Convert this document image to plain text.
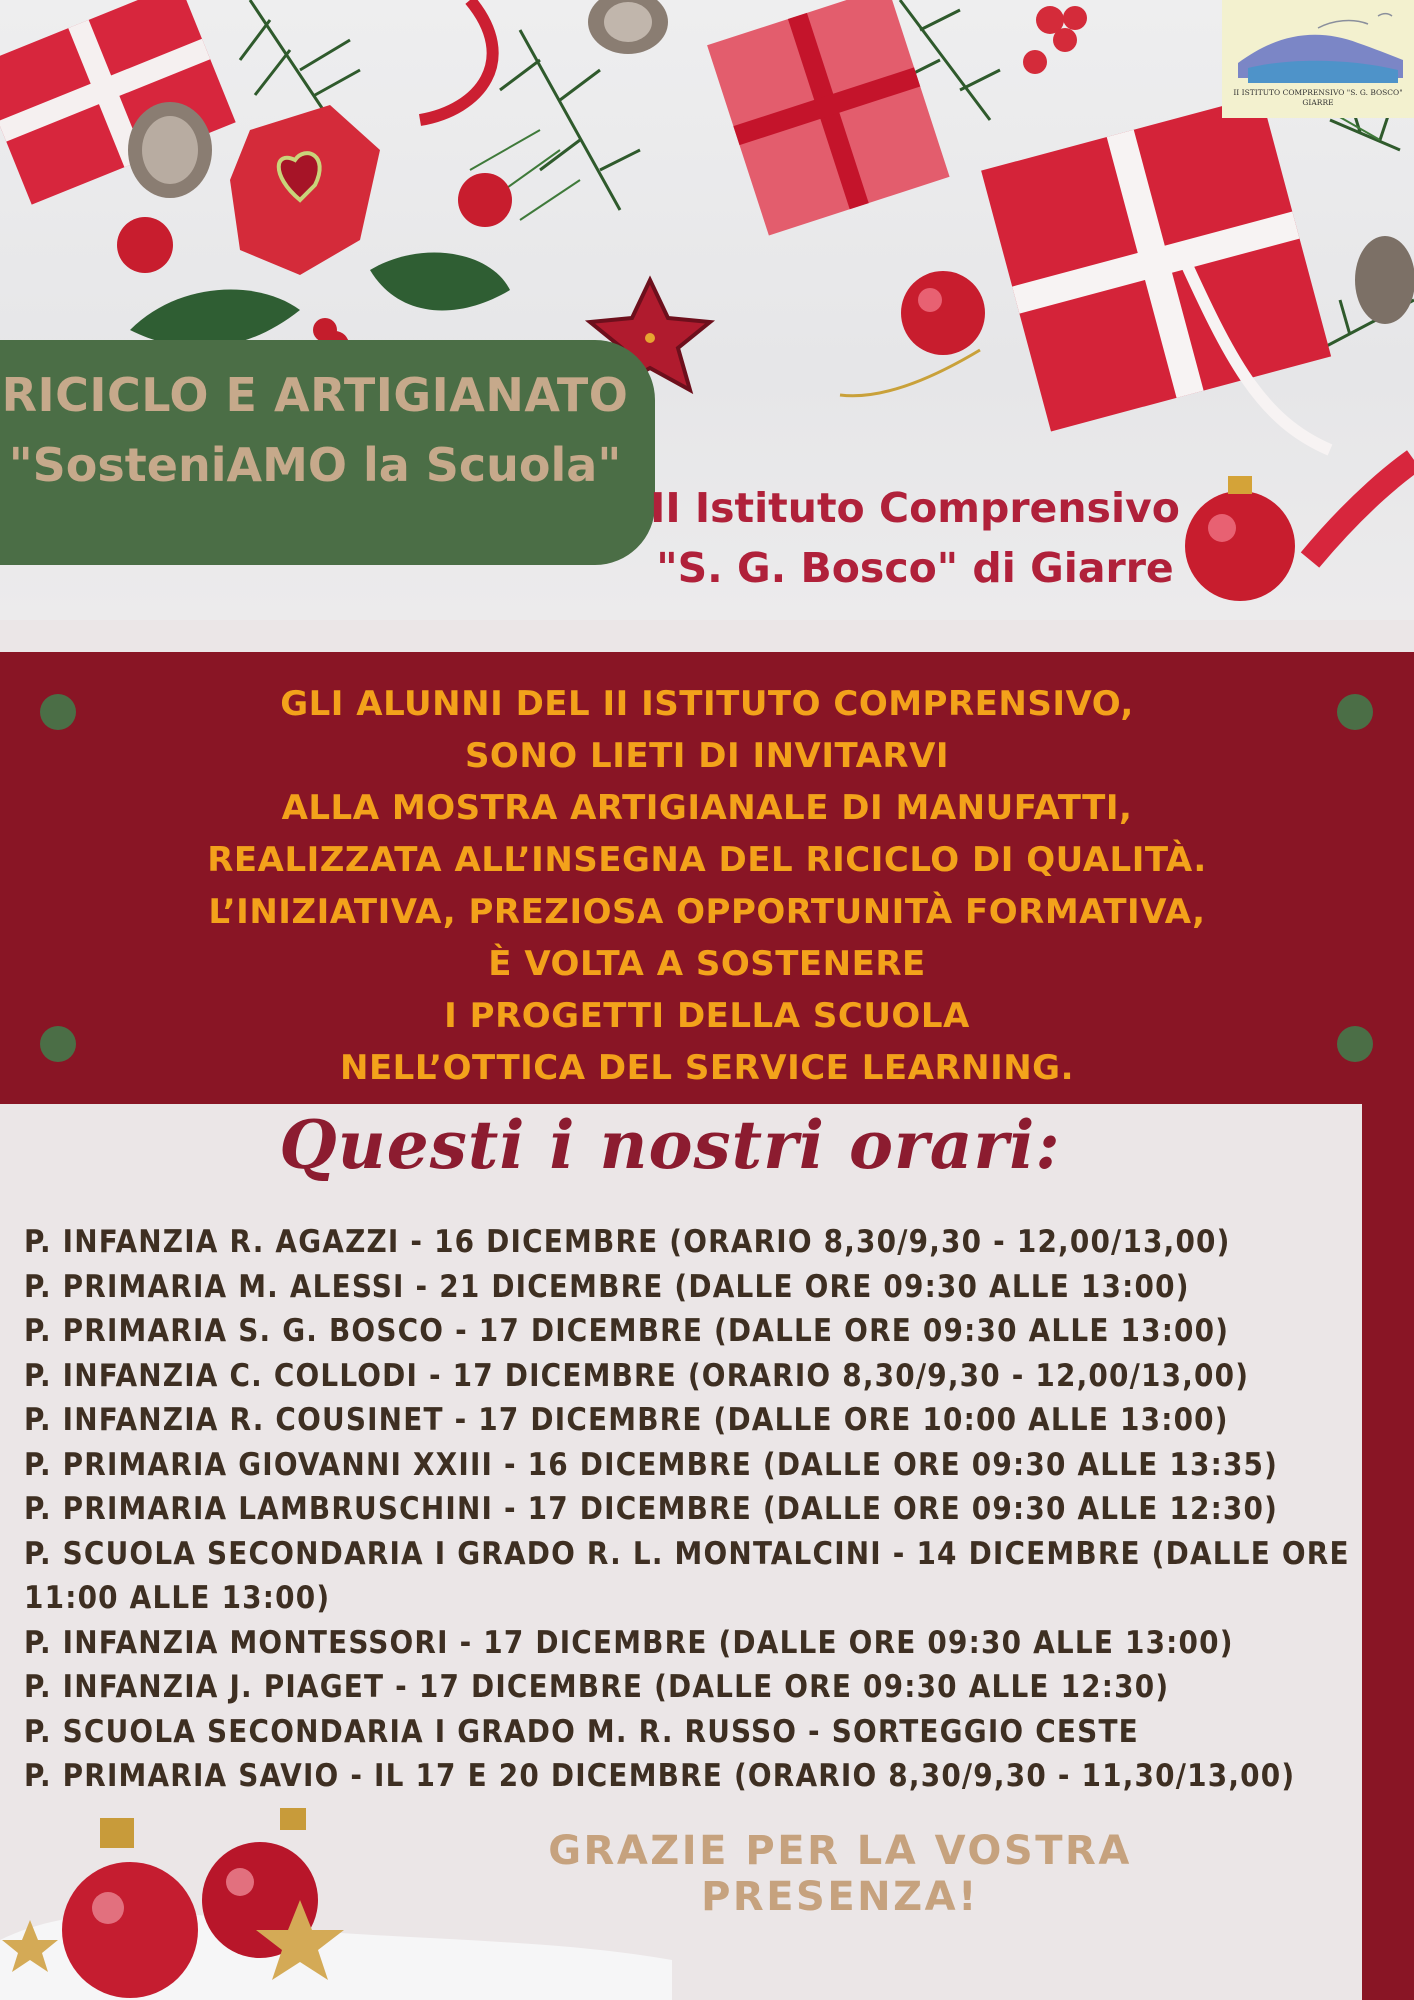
II ISTITUTO COMPRENSIVO "S. G. BOSCO"
GIARRE
RICICLO E ARTIGIANATO
"SosteniAMO la Scuola"
II Istituto Comprensivo
"S. G. Bosco" di Giarre
GLI ALUNNI DEL II ISTITUTO COMPRENSIVO,
SONO LIETI DI INVITARVI
ALLA MOSTRA ARTIGIANALE DI MANUFATTI,
REALIZZATA ALL’INSEGNA DEL RICICLO DI QUALITÀ.
L’INIZIATIVA, PREZIOSA OPPORTUNITÀ FORMATIVA,
È VOLTA A SOSTENERE
I PROGETTI DELLA SCUOLA
NELL’OTTICA DEL SERVICE LEARNING.
Questi i nostri orari:
P. INFANZIA R. AGAZZI - 16 DICEMBRE (ORARIO 8,30/9,30 - 12,00/13,00)
P. PRIMARIA M. ALESSI - 21 DICEMBRE (DALLE ORE 09:30 ALLE 13:00)
P. PRIMARIA S. G. BOSCO - 17 DICEMBRE (DALLE ORE 09:30 ALLE 13:00)
P. INFANZIA C. COLLODI - 17 DICEMBRE (ORARIO 8,30/9,30 - 12,00/13,00)
P. INFANZIA R. COUSINET - 17 DICEMBRE (DALLE ORE 10:00 ALLE 13:00)
P. PRIMARIA GIOVANNI XXIII - 16 DICEMBRE (DALLE ORE 09:30 ALLE 13:35)
P. PRIMARIA LAMBRUSCHINI - 17 DICEMBRE (DALLE ORE 09:30 ALLE 12:30)
P. SCUOLA SECONDARIA I GRADO R. L. MONTALCINI - 14 DICEMBRE (DALLE ORE 11:00 ALLE 13:00)
P. INFANZIA MONTESSORI - 17 DICEMBRE (DALLE ORE 09:30 ALLE 13:00)
P. INFANZIA J. PIAGET - 17 DICEMBRE (DALLE ORE 09:30 ALLE 12:30)
P. SCUOLA SECONDARIA I GRADO M. R. RUSSO - SORTEGGIO CESTE
P. PRIMARIA SAVIO - IL 17 E 20 DICEMBRE (ORARIO 8,30/9,30 - 11,30/13,00)
GRAZIE PER LA VOSTRA PRESENZA!
